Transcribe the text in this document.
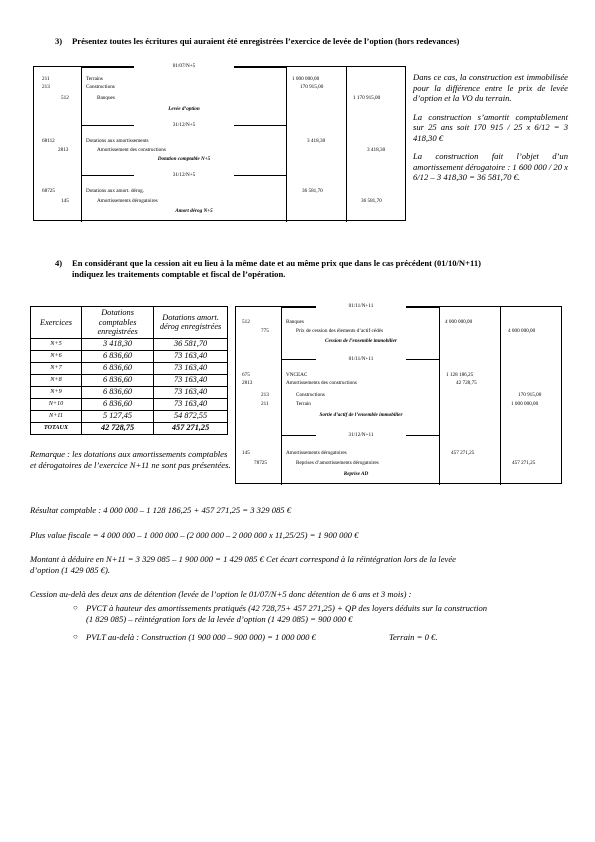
3) Présentez toutes les écritures qui auraient été enregistrées l’exercice de levée de l’option (hors redevances)
01/07/N+5
211	Terrains	1 000 000,00
213	Constructions	170 915,00
512	Banques	1 170 915,00
Levée d’option
31/12/N+5
68112	Dotations aux amortissements	3 418,30
2813	Amortissement des constructions	3 418,30
Dotation comptable N+5
31/12/N+5
68725	Dotations aux amort. dérog.	36 581,70
145	Amortissements dérogatoires	36 581,70
Amort dérog N+5

Dans ce cas, la construction est immobilisée pour la différence entre le prix de levée d’option et la VO du terrain.

La construction s’amortit comptablement sur 25 ans soit 170 915 / 25 x 6/12 = 3 418,30 €

La construction fait l’objet d’un amortissement dérogatoire : 1 600 000 / 20 x 6/12 – 3 418,30 = 36 581,70 €.

4) En considérant que la cession ait eu lieu à la même date et au même prix que dans le cas précédent (01/10/N+11)
indiquez les traitements comptable et fiscal de l’opération.
Exercices	Dotations comptables enregistrées	Dotations amort. dérog enregistrées
N+5	3 418,30	36 581,70
N+6	6 836,60	73 163,40
N+7	6 836,60	73 163,40
N+8	6 836,60	73 163,40
N+9	6 836,60	73 163,40
N+10	6 836,60	73 163,40
N+11	5 127,45	54 872,55
TOTAUX	42 728,75	457 271,25
Remarque : les dotations aux amortissements comptables et dérogatoires de l’exercice N+11 ne sont pas présentées.
01/11/N+11
512	Banques	4 000 000,00
775	Prix de cession des élements d’actif cédés	4 000 000,00
Cession de l’ensemble immobilier
01/11/N+11
675	VNCEAC	1 128 186,25
2813	Amortissements des constructions	42 728,75
213	Constructions	170 915,00
211	Terrain	1 000 000,00
Sortie d’actif de l’ensemble immobilier
31/12/N+11
145	Amortissements dérogatoires	457 271,25
78725	Reprises d’amortissements dérogatoires	457 271,25
Reprise AD
Résultat comptable : 4 000 000 – 1 128 186,25 + 457 271,25 = 3 329 085 €
Plus value fiscale = 4 000 000 – 1 000 000 – (2 000 000 – 2 000 000 x 11,25/25) = 1 900 000 €
Montant à déduire en N+11 = 3 329 085 – 1 900 000 = 1 429 085 € Cet écart correspond à la réintégration lors de la levée
d’option (1 429 085 €).
Cession au-delà des deux ans de détention (levée de l’option le 01/07/N+5 donc détention de 6 ans et 3 mois) :
○ PVCT à hauteur des amortissements pratiqués (42 728,75+ 457 271,25) + QP des loyers déduits sur la construction
(1 829 085) – réintégration lors de la levée d’option (1 429 085) = 900 000 €
○ PVLT au-delà : Construction (1 900 000 – 900 000) = 1 000 000 €	Terrain = 0 €.
